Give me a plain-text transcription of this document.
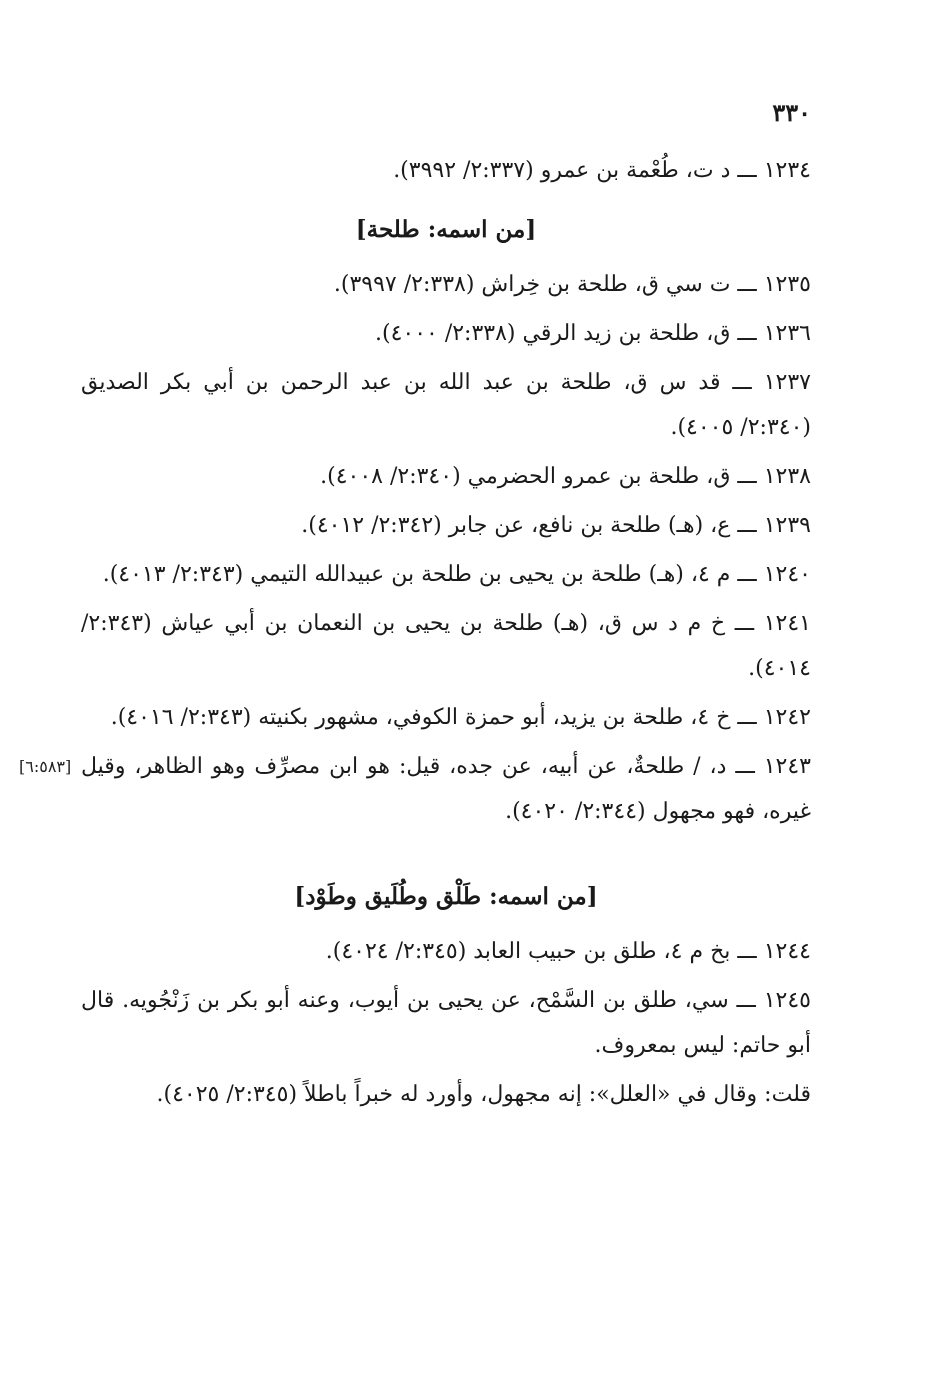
٣٣٠

١٢٣٤ ـــ د ت، طُعْمة بن عمرو (٢:٣٣٧/ ٣٩٩٢).

[من اسمه: طلحة]

١٢٣٥ ـــ ت سي ق، طلحة بن خِراش (٢:٣٣٨/ ٣٩٩٧).

١٢٣٦ ـــ ق، طلحة بن زيد الرقي (٢:٣٣٨/ ٤٠٠٠).

١٢٣٧ ـــ قد س ق، طلحة بن عبد الله بن عبد الرحمن بن أبي بكر الصديق (٢:٣٤٠/ ٤٠٠٥).

١٢٣٨ ـــ ق، طلحة بن عمرو الحضرمي (٢:٣٤٠/ ٤٠٠٨).

١٢٣٩ ـــ ع، (هـ) طلحة بن نافع، عن جابر (٢:٣٤٢/ ٤٠١٢).

١٢٤٠ ـــ م ٤، (هـ) طلحة بن يحيى بن طلحة بن عبيدالله التيمي (٢:٣٤٣/ ٤٠١٣).

١٢٤١ ـــ خ م د س ق، (هـ) طلحة بن يحيى بن النعمان بن أبي عياش (٢:٣٤٣/ ٤٠١٤).

١٢٤٢ ـــ خ ٤، طلحة بن يزيد، أبو حمزة الكوفي، مشهور بكنيته (٢:٣٤٣/ ٤٠١٦).

[٦:٥٨٣] ١٢٤٣ ـــ د، / طلحةٌ، عن أبيه، عن جده، قيل: هو ابن مصرِّف وهو الظاهر، وقيل غيره، فهو مجهول (٢:٣٤٤/ ٤٠٢٠).

[من اسمه: طَلْق وطُلَيق وطَوْد]

١٢٤٤ ـــ بخ م ٤، طلق بن حبيب العابد (٢:٣٤٥/ ٤٠٢٤).

١٢٤٥ ـــ سي، طلق بن السَّمْح، عن يحيى بن أيوب، وعنه أبو بكر بن زَنْجُويه. قال أبو حاتم: ليس بمعروف.

قلت: وقال في «العلل»: إنه مجهول، وأورد له خبراً باطلاً (٢:٣٤٥/ ٤٠٢٥).
